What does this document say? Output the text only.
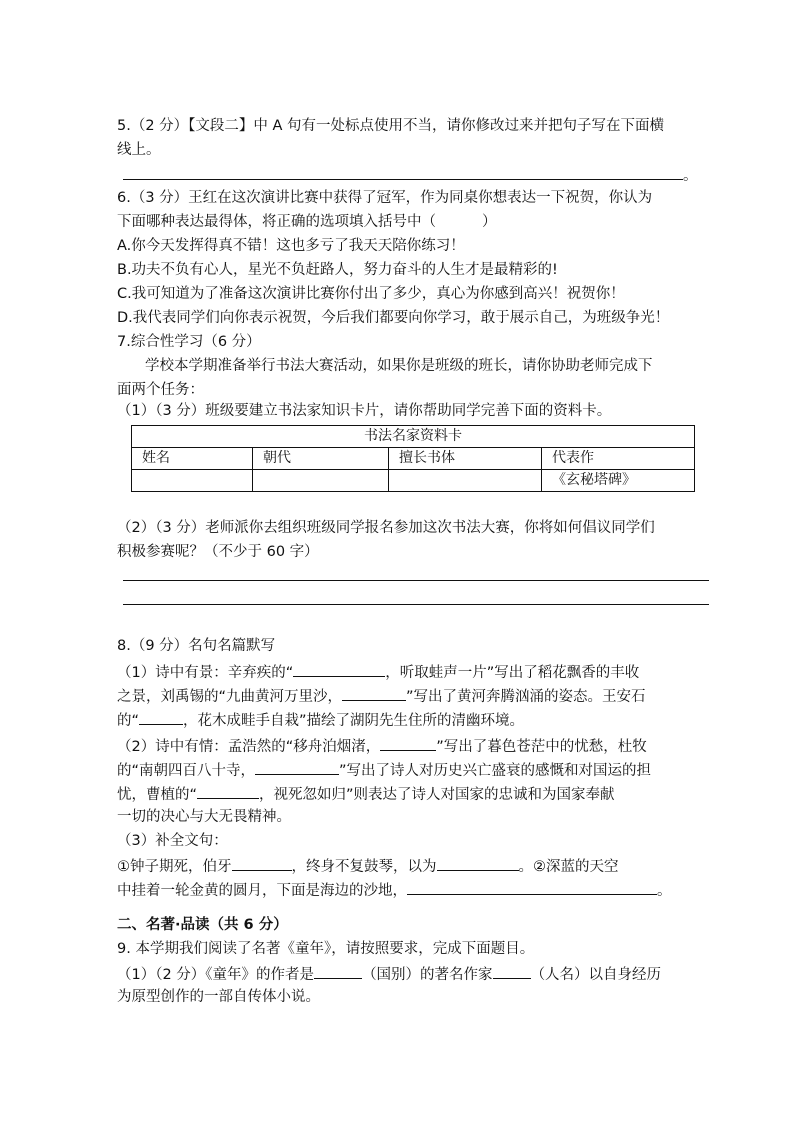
5.（2 分）【文段二】中 A 句有一处标点使用不当，请你修改过来并把句子写在下面横
线上。
。
6.（3 分）王红在这次演讲比赛中获得了冠军，作为同桌你想表达一下祝贺，你认为
下面哪种表达最得体，将正确的选项填入括号中（	）
A.你今天发挥得真不错！这也多亏了我天天陪你练习！
B.功夫不负有心人，星光不负赶路人，努力奋斗的人生才是最精彩的!
C.我可知道为了准备这次演讲比赛你付出了多少，真心为你感到高兴！祝贺你！
D.我代表同学们向你表示祝贺，今后我们都要向你学习，敢于展示自己，为班级争光！
7.综合性学习（6 分）
学校本学期准备举行书法大赛活动，如果你是班级的班长，请你协助老师完成下
面两个任务：
（1）（3 分）班级要建立书法家知识卡片，请你帮助同学完善下面的资料卡。
书法名家资料卡			
姓名	朝代	擅长书体	代表作
			《玄秘塔碑》
（2）（3 分）老师派你去组织班级同学报名参加这次书法大赛，你将如何倡议同学们
积极参赛呢？（不少于 60 字）
8.（9 分）名句名篇默写
（1）诗中有景：辛弃疾的“	，听取蛙声一片”写出了稻花飘香的丰收
之景，刘禹锡的“九曲黄河万里沙，	”写出了黄河奔腾汹涌的姿态。王安石
的“	，花木成畦手自栽”描绘了湖阴先生住所的清幽环境。
（2）诗中有情：孟浩然的“移舟泊烟渚，	”写出了暮色苍茫中的忧愁，杜牧
的“南朝四百八十寺，	”写出了诗人对历史兴亡盛衰的感慨和对国运的担
忧，曹植的“	，视死忽如归”则表达了诗人对国家的忠诚和为国家奉献
一切的决心与大无畏精神。
（3）补全文句：
①钟子期死，伯牙	，终身不复鼓琴，以为	。②深蓝的天空
中挂着一轮金黄的圆月，下面是海边的沙地，	。
二、名著·品读（共 6 分）
9. 本学期我们阅读了名著《童年》，请按照要求，完成下面题目。
（1）（2 分）《童年》的作者是	（国别）的著名作家	（人名）以自身经历
为原型创作的一部自传体小说。
